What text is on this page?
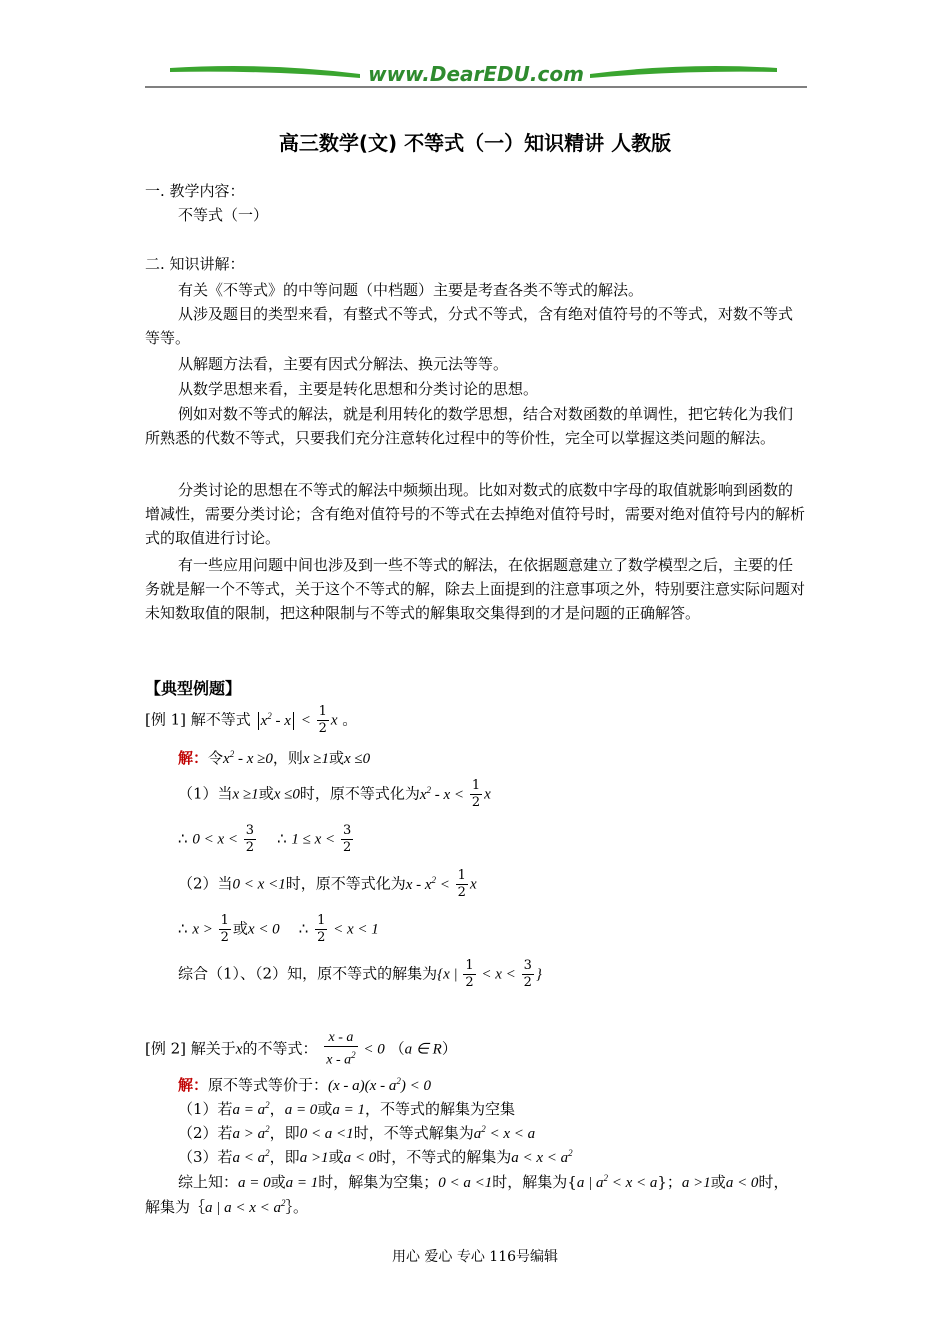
www.DearEDU.com
高三数学(文) 不等式（一）知识精讲 人教版
一. 教学内容：
不等式（一）
二. 知识讲解：
有关《不等式》的中等问题（中档题）主要是考查各类不等式的解法。
从涉及题目的类型来看，有整式不等式，分式不等式，含有绝对值符号的不等式，对数不等式等等。
从解题方法看，主要有因式分解法、换元法等等。
从数学思想来看，主要是转化思想和分类讨论的思想。
例如对数不等式的解法，就是利用转化的数学思想，结合对数函数的单调性，把它转化为我们所熟悉的代数不等式，只要我们充分注意转化过程中的等价性，完全可以掌握这类问题的解法。
分类讨论的思想在不等式的解法中频频出现。比如对数式的底数中字母的取值就影响到函数的增减性，需要分类讨论；含有绝对值符号的不等式在去掉绝对值符号时，需要对绝对值符号内的解析式的取值进行讨论。
有一些应用问题中间也涉及到一些不等式的解法，在依据题意建立了数学模型之后，主要的任务就是解一个不等式，关于这个不等式的解，除去上面提到的注意事项之外，特别要注意实际问题对未知数取值的限制，把这种限制与不等式的解集取交集得到的才是问题的正确解答。
【典型例题】
[例 1] 解不等式 $x^2 - x < \frac{1}{2}$ x 。
解：令$x^2 - x \ge 0$，则x ≥1或x ≤0
（1）当x ≥1或x ≤0时，原不等式化为$x^2 - x < \frac{1}{2}$ x
∴ $0 < x < \frac{3}{2}$ ∴ $1 \le x < \frac{3}{2}$
（2）当0 < x <1时，原不等式化为$x - x^2 < \frac{1}{2}$ x
∴ $x > \frac{1}{2}$ 或x < 0 ∴ $\frac{1}{2} < x < 1$
综合（1）、（2）知，原不等式的解集为{x | $\frac{1}{2} < x < \frac{3}{2}$ }
[例 2] 解关于x的不等式： $\frac{x - a}{x - a^2} < 0$ （a ∈ R）
解：原不等式等价于：$(x - a)(x - a^2) < 0$
（1）若$a = a^2$，a = 0或a = 1，不等式的解集为空集
（2）若$a > a^2$，即0 < a <1时，不等式解集为$a^2 < x < a$
（3）若$a < a^2$，即a >1或a < 0时，不等式的解集为$a < x < a^2$
综上知：a = 0或a = 1时，解集为空集；0 < a <1时，解集为{a | $a^2 < x < a$}；a >1或a < 0时，
解集为｛a | $a < x < a^2\}$。
用心 爱心 专心 116号编辑
